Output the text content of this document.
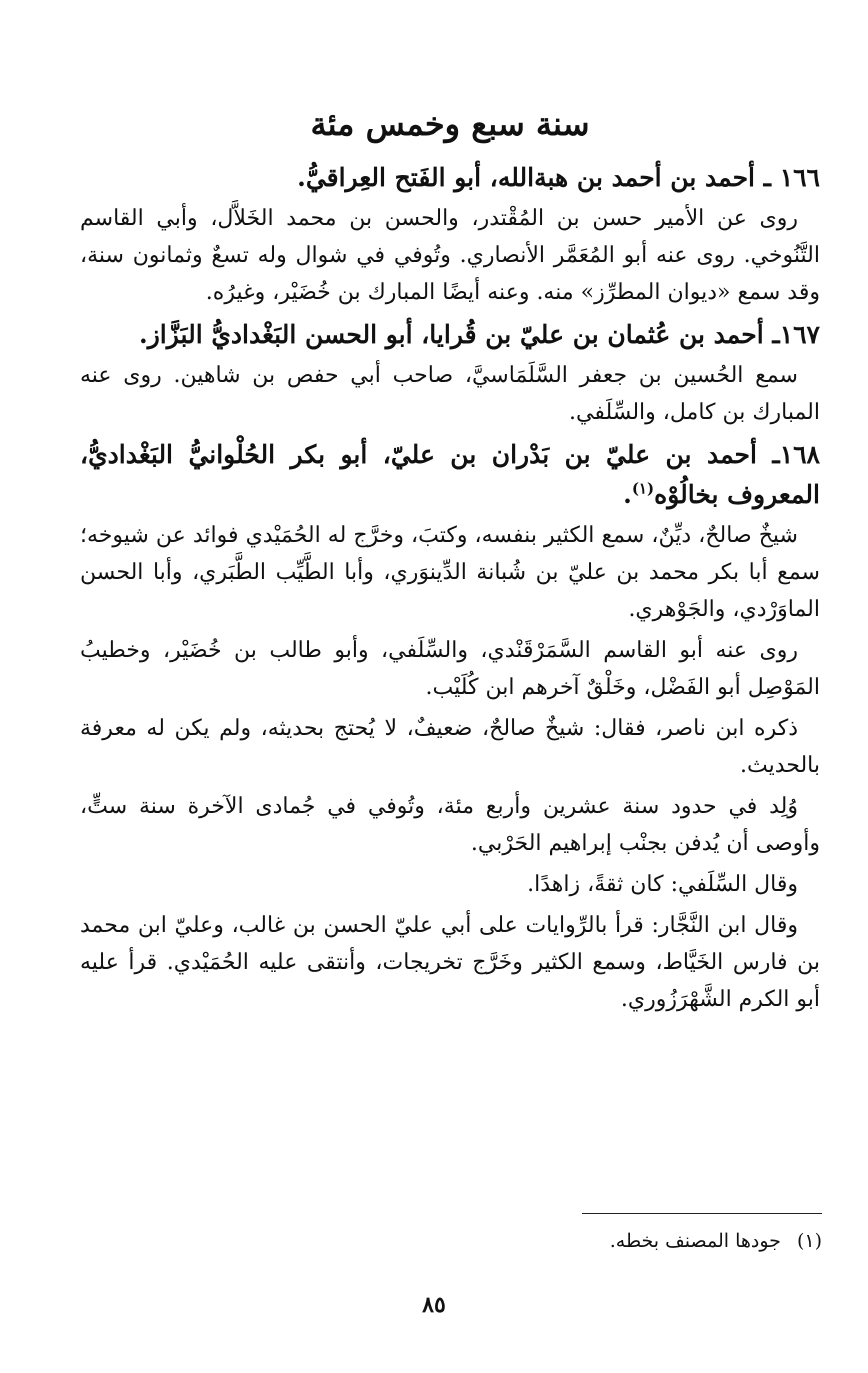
سنة سبع وخمس مئة
١٦٦ ـ أحمد بن أحمد بن هبةالله، أبو الفَتح العِراقيُّ.

روى عن الأمير حسن بن المُقْتدر، والحسن بن محمد الخَلاَّل، وأبي القاسم التَّنُوخي. روى عنه أبو المُعَمَّر الأنصاري. وتُوفي في شوال وله تسعٌ وثمانون سنة، وقد سمع «ديوان المطرِّز» منه. وعنه أيضًا المبارك بن خُضَيْر، وغيرُه.

١٦٧ـ أحمد بن عُثمان بن عليّ بن قُرايا، أبو الحسن البَغْداديُّ البَزَّاز.

سمع الحُسين بن جعفر السَّلَمَاسيَّ، صاحب أبي حفص بن شاهين. روى عنه المبارك بن كامل، والسِّلَفي.

١٦٨ـ أحمد بن عليّ بن بَدْران بن عليّ، أبو بكر الحُلْوانيُّ البَغْداديُّ، المعروف بخالُوْه$^{(١)}$.

شيخٌ صالحٌ، ديِّنٌ، سمع الكثير بنفسه، وكتبَ، وخرَّج له الحُمَيْدي فوائد عن شيوخه؛ سمع أبا بكر محمد بن عليّ بن شُبانة الدِّينوَري، وأبا الطَّيِّب الطَّبَري، وأبا الحسن الماوَرْدي، والجَوْهري.

روى عنه أبو القاسم السَّمَرْقَنْدي، والسِّلَفي، وأبو طالب بن خُضَيْر، وخطيبُ المَوْصِل أبو الفَضْل، وخَلْقٌ آخرهم ابن كُلَيْب.

ذكره ابن ناصر، فقال: شيخٌ صالحٌ، ضعيفٌ، لا يُحتج بحديثه، ولم يكن له معرفة بالحديث.

وُلِد في حدود سنة عشرين وأربع مئة، وتُوفي في جُمادى الآخرة سنة ستٍّ، وأوصى أن يُدفن بجنْب إبراهيم الحَرْبي.

وقال السِّلَفي: كان ثقةً، زاهدًا.

وقال ابن النَّجَّار: قرأ بالرِّوايات على أبي عليّ الحسن بن غالب، وعليّ ابن محمد بن فارس الخَيَّاط، وسمع الكثير وخَرَّج تخريجات، وأنتقى عليه الحُمَيْدي. قرأ عليه أبو الكرم الشَّهْرَزُوري.

(١)جودها المصنف بخطه.
٨٥
